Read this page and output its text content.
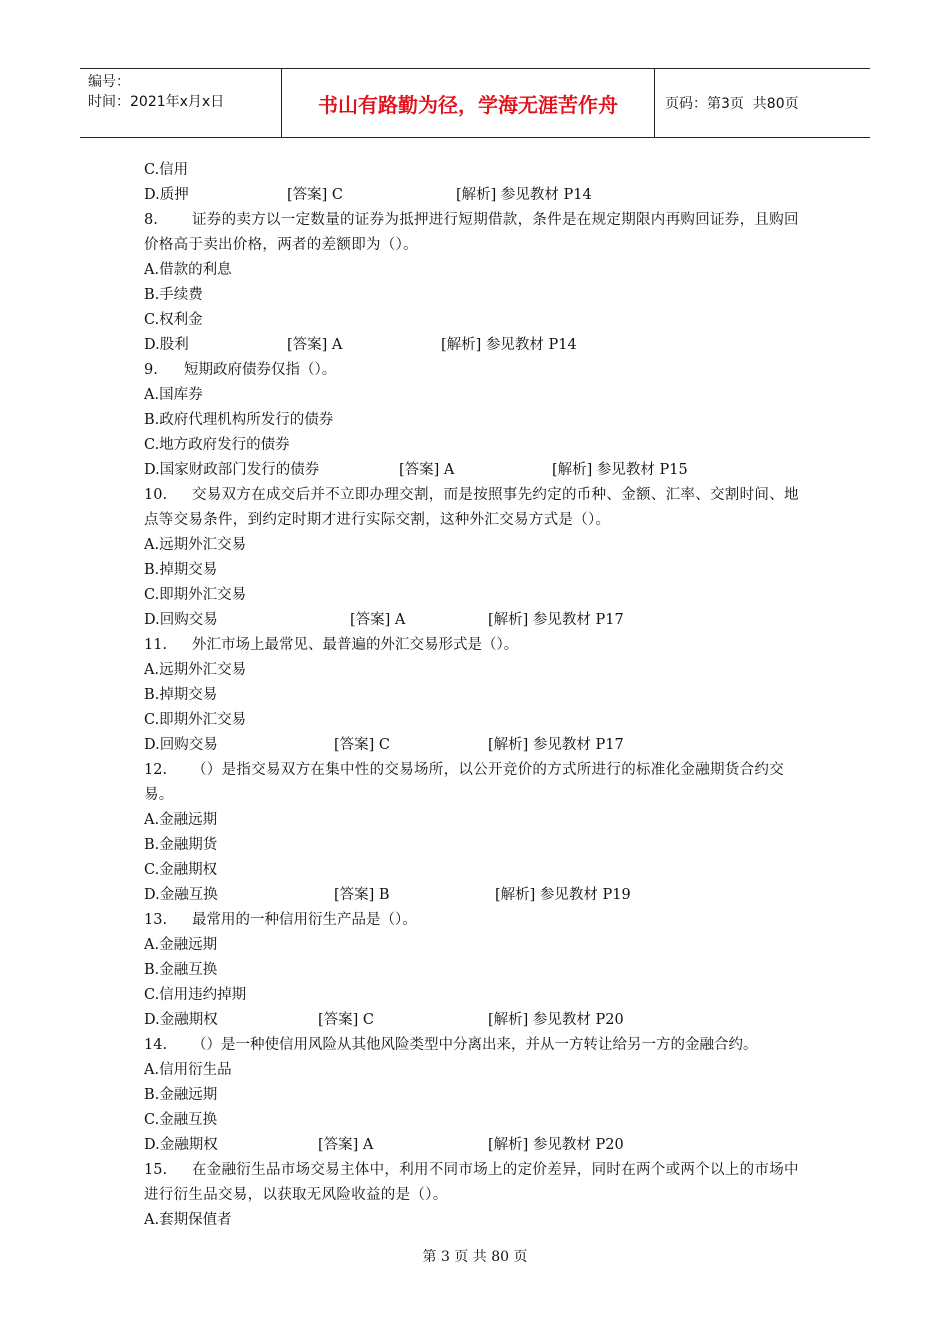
编号：
时间：2021年x月x日	书山有路勤为径，学海无涯苦作舟	页码：第3页  共80页
C.信用
D.质押	[答案] C	[解析] 参见教材 P14
8. 证券的卖方以一定数量的证券为抵押进行短期借款，条件是在规定期限内再购回证券，且购回价格高于卖出价格，两者的差额即为（）。
A.借款的利息
B.手续费
C.权利金
D.股利	[答案] A	[解析] 参见教材 P14
9. 短期政府债券仅指（）。
A.国库券
B.政府代理机构所发行的债券
C.地方政府发行的债券
D.国家财政部门发行的债券	[答案] A	[解析] 参见教材 P15
10. 交易双方在成交后并不立即办理交割，而是按照事先约定的币种、金额、汇率、交割时间、地点等交易条件，到约定时期才进行实际交割，这种外汇交易方式是（）。
A.远期外汇交易
B.掉期交易
C.即期外汇交易
D.回购交易	[答案] A	[解析] 参见教材 P17
11. 外汇市场上最常见、最普遍的外汇交易形式是（）。
A.远期外汇交易
B.掉期交易
C.即期外汇交易
D.回购交易	[答案] C	[解析] 参见教材 P17
12. （）是指交易双方在集中性的交易场所，以公开竞价的方式所进行的标准化金融期货合约交易。
A.金融远期
B.金融期货
C.金融期权
D.金融互换	[答案] B	[解析] 参见教材 P19
13. 最常用的一种信用衍生产品是（）。
A.金融远期
B.金融互换
C.信用违约掉期
D.金融期权	[答案] C	[解析] 参见教材 P20
14. （）是一种使信用风险从其他风险类型中分离出来，并从一方转让给另一方的金融合约。
A.信用衍生品
B.金融远期
C.金融互换
D.金融期权	[答案] A	[解析] 参见教材 P20
15. 在金融衍生品市场交易主体中，利用不同市场上的定价差异，同时在两个或两个以上的市场中进行衍生品交易，以获取无风险收益的是（）。
A.套期保值者
第 3 页 共 80 页
